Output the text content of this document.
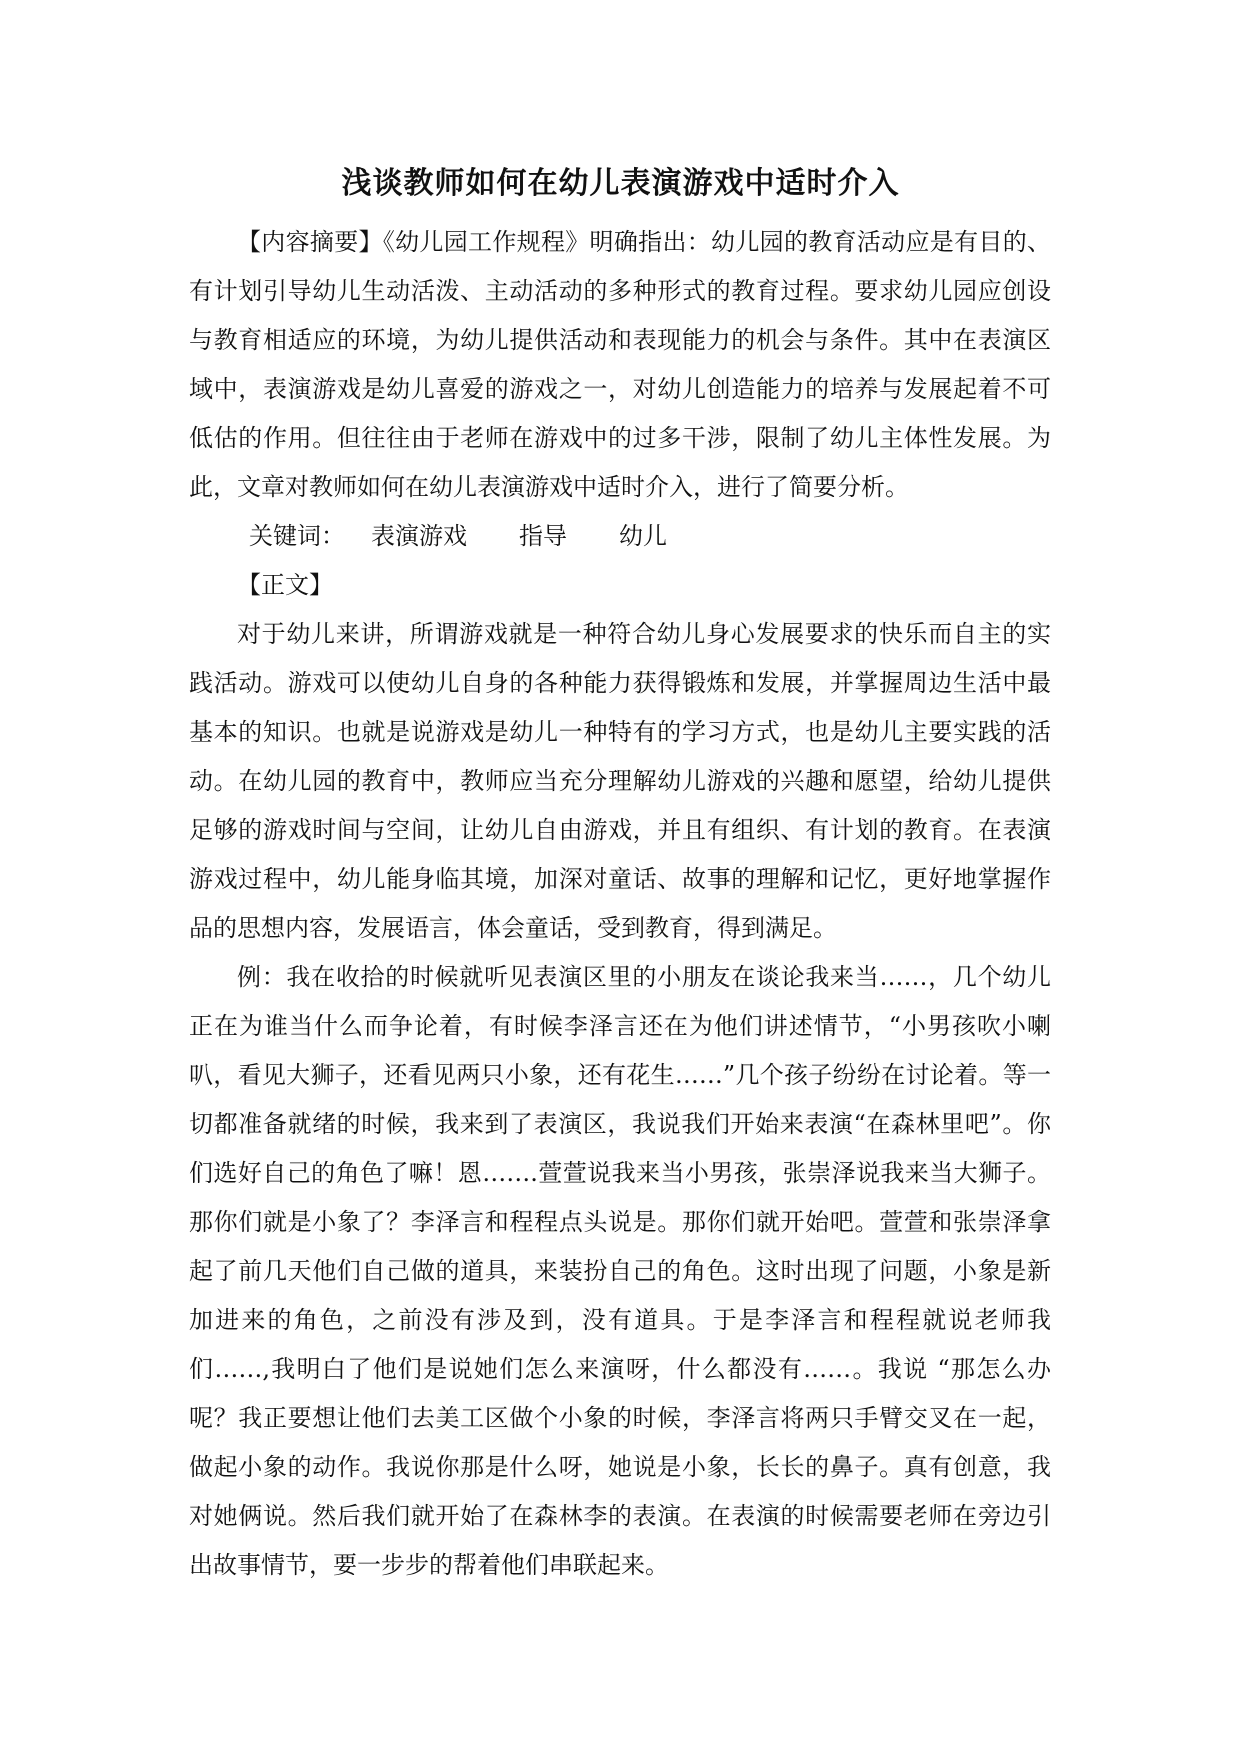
浅谈教师如何在幼儿表演游戏中适时介入

【内容摘要】《幼儿园工作规程》明确指出：幼儿园的教育活动应是有目的、有计划引导幼儿生动活泼、主动活动的多种形式的教育过程。要求幼儿园应创设与教育相适应的环境，为幼儿提供活动和表现能力的机会与条件。其中在表演区域中，表演游戏是幼儿喜爱的游戏之一，对幼儿创造能力的培养与发展起着不可低估的作用。但往往由于老师在游戏中的过多干涉，限制了幼儿主体性发展。为此，文章对教师如何在幼儿表演游戏中适时介入，进行了简要分析。

关键词： 表演游戏 指导 幼儿

【正文】

对于幼儿来讲，所谓游戏就是一种符合幼儿身心发展要求的快乐而自主的实践活动。游戏可以使幼儿自身的各种能力获得锻炼和发展，并掌握周边生活中最基本的知识。也就是说游戏是幼儿一种特有的学习方式，也是幼儿主要实践的活动。在幼儿园的教育中，教师应当充分理解幼儿游戏的兴趣和愿望，给幼儿提供足够的游戏时间与空间，让幼儿自由游戏，并且有组织、有计划的教育。在表演游戏过程中，幼儿能身临其境，加深对童话、故事的理解和记忆，更好地掌握作品的思想内容，发展语言，体会童话，受到教育，得到满足。

例：我在收拾的时候就听见表演区里的小朋友在谈论我来当……，几个幼儿正在为谁当什么而争论着，有时候李泽言还在为他们讲述情节，“小男孩吹小喇叭，看见大狮子，还看见两只小象，还有花生……”几个孩子纷纷在讨论着。等一切都准备就绪的时候，我来到了表演区，我说我们开始来表演“在森林里吧”。你们选好自己的角色了嘛！恩…….萱萱说我来当小男孩，张崇泽说我来当大狮子。那你们就是小象了？李泽言和程程点头说是。那你们就开始吧。萱萱和张崇泽拿起了前几天他们自己做的道具，来装扮自己的角色。这时出现了问题，小象是新加进来的角色，之前没有涉及到，没有道具。于是李泽言和程程就说老师我们……,我明白了他们是说她们怎么来演呀，什么都没有……。我说 “那怎么办呢？我正要想让他们去美工区做个小象的时候，李泽言将两只手臂交叉在一起，做起小象的动作。我说你那是什么呀，她说是小象，长长的鼻子。真有创意，我对她俩说。然后我们就开始了在森林李的表演。在表演的时候需要老师在旁边引出故事情节，要一步步的帮着他们串联起来。
